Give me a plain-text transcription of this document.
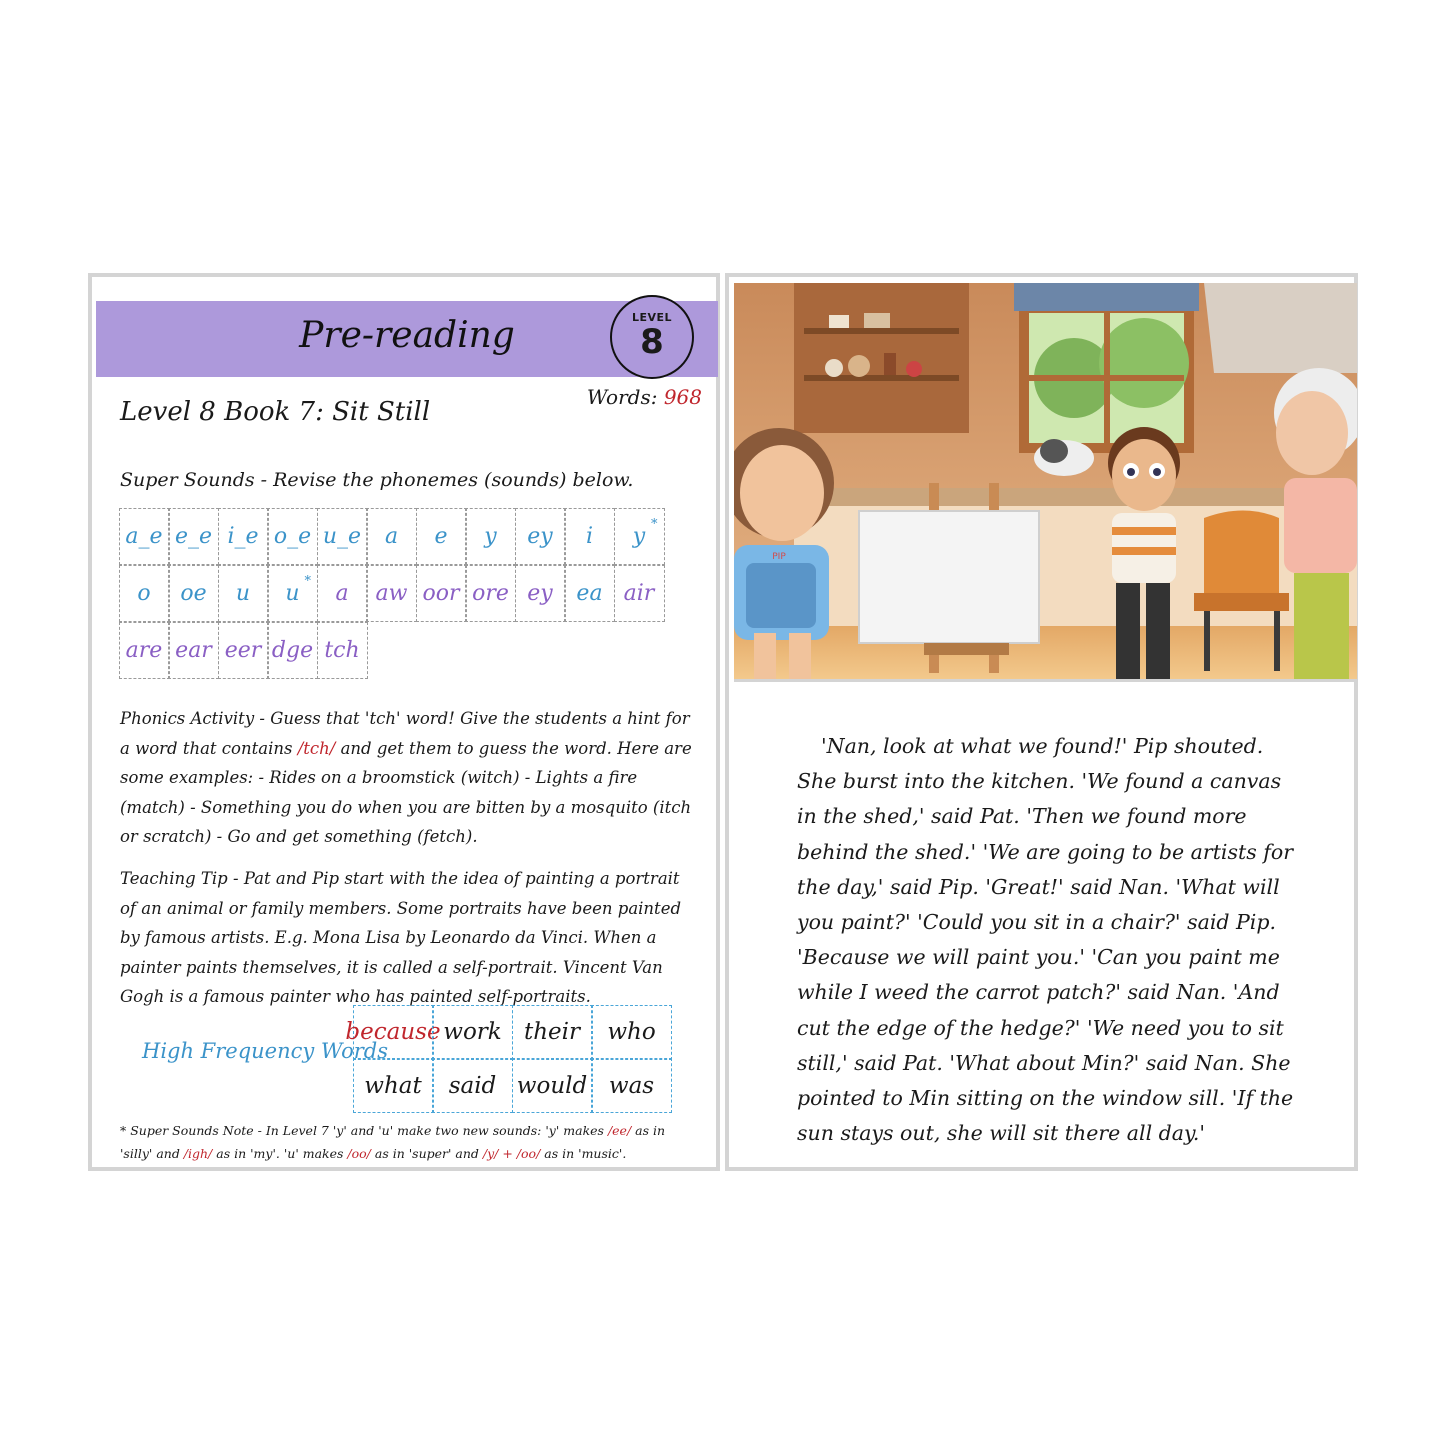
Pre-reading	LEVEL
8
Words: 968
Level 8 Book 7: Sit Still
Super Sounds - Revise the phonemes (sounds) below.
a_e e_e i_e o_e u_e a e y ey i y *
o oe u u * a aw oor ore ey ea air
are ear eer dge tch
Phonics Activity - Guess that 'tch' word! Give the students a hint for a word that contains /tch/ and get them to guess the word. Here are some examples: - Rides on a broomstick (witch) - Lights a fire (match) - Something you do when you are bitten by a mosquito (itch or scratch) - Go and get something (fetch).
Teaching Tip - Pat and Pip start with the idea of painting a portrait of an animal or family members. Some portraits have been painted by famous artists. E.g. Mona Lisa by Leonardo da Vinci. When a painter paints themselves, it is called a self-portrait. Vincent Van Gogh is a famous painter who has painted self-portraits.
High Frequency Words
because work their	who
what	said would was
* Super Sounds Note - In Level 7 'y' and 'u' make two new sounds: 'y' makes /ee/ as in 'silly' and /igh/ as in 'my'. 'u' makes /oo/ as in 'super' and /y/ + /oo/ as in 'music'.
PIP
'Nan, look at what we found!' Pip shouted. She burst into the kitchen. 'We found a canvas in the shed,' said Pat. 'Then we found more behind the shed.' 'We are going to be artists for the day,' said Pip. 'Great!' said Nan. 'What will you paint?' 'Could you sit in a chair?' said Pip. 'Because we will paint you.' 'Can you paint me while I weed the carrot patch?' said Nan. 'And cut the edge of the hedge?' 'We need you to sit still,' said Pat. 'What about Min?' said Nan. She pointed to Min sitting on the window sill. 'If the sun stays out, she will sit there all day.'
